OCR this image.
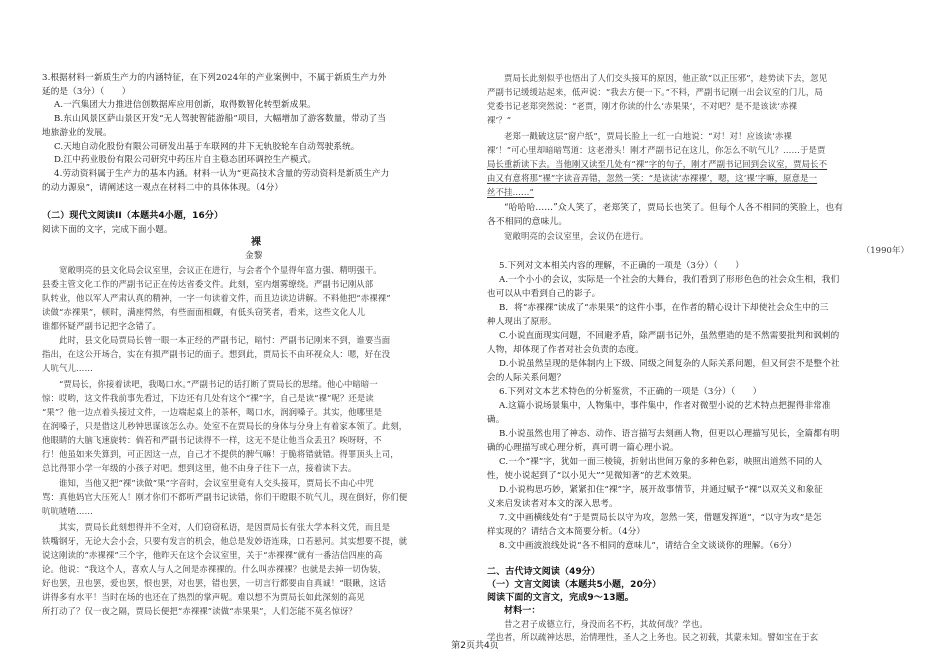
3.根据材料一新质生产力的内涵特征，在下列2024年的产业案例中，不属于新质生产力外
延的是（3分）（　　）
A.一汽集团大力推进信创数据库应用创新，取得数智化转型新成果。
B.东山风景区萨山景区开发“无人驾驶智能游船”项目，大幅增加了游客数量，带动了当
地旅游业的发展。
C.天地自动化股份有限公司研发出基于车联网的井下无轨胶轮车自动驾驶系统。
D.江中药业股份有限公司研究中药压片自主稳态团环调控生产模式。
4.劳动资料属于生产力的基本内涵。材料一认为“更高技术含量的劳动资料是新质生产力
的动力源泉”，请阐述这一观点在材料二中的具体体现。（4分）
（二）现代文阅读II（本题共4小题，16分）
阅读下面的文字，完成下面小题。
裸
金黎
宽敞明亮的县文化局会议室里，会议正在进行，与会者个个显得年富力强、精明强干。
县委主管文化工作的严副书记正在传达省委文件。此刻，室内烟雾缭绕。严副书记刚从部
队转业，他以军人严肃认真的精神，一字一句读着文件，而且边读边讲解。不料他把“赤裸裸”
读做“赤裸果”，顿时，满座愕然，有些面面相觑，有低头窃笑者，看来，这些文化人儿
谁都怀疑严副书记把字念错了。
此时，县文化局贾局长曾一眼一本正经的严副书记，暗忖：严副书记刚来不到，谁要当面
指出，在这公开场合，实在有损严副书记的面子。想到此，贾局长不由环视众人：嗯，好在没
人吭气儿……
“贾局长，你接着读吧，我喝口水。”严副书记的话打断了贾局长的思绪。他心中暗暗一
惊：哎哟，这文件我前事先看过，下边还有几处有这个“裸”字，自己是读“裸”呢？还是读
“果”？他一边点着头接过文件，一边端起桌上的茶杯，喝口水，润润嗓子。其实，他哪里是
在润嗓子，只是借这儿秒钟思谋该怎么办。处室不在贾局长的身体与分身上有着家本领了。此刻，
他眼睛的大脑飞速旋转：倘若和严副书记读得不一样，这无不是让他当众丢丑？唉呀呀，不
行！他虽如来失算到，可正因这一点，自己才不提供的脾气嘛！于脆将错就错。得罪顶头上司，
总比得罪小学一年级的小孩子对吧。想到这里，他不由身子往下一点，接着读下去。
谁知，当他又把“裸”读做“果”字音时，会议室里竟有人交头接耳，贾局长不由心中咒
骂：真他妈官大压死人！刚才你们不都听严副书记读错，你们干瞪眼不吭气儿，现在倒好，你们便
吭吭喳喳……
其实，贾局长此刻想得并不全对，人们窃窃私语，是因贾局长有张大学本科文凭，而且是
铁嘴钢牙，无论大会小会，只要有发言的机会，他总是发妙语连珠，口若悬河。其实想要不提，就
说这刚读的“赤裸裸”三个字，他昨天在这个会议室里，关于“赤裸裸”就有一番洁信四座的高
论。他说：“我这个人，喜欢人与人之间是赤裸裸的。什么叫赤裸裸？也就是去掉一切伪装，
好也罢，丑也罢，爱也罢，恨也罢，对也罢，错也罢，一切言行都要由自真诚！”眼瞅，这话
讲得多有水平！当时在场的也还在了热烈的掌声呢。难以想不为贾局长如此深刻的高见
所打动了？仅一夜之隔，贾局长便把“赤裸裸”读做“赤果果”，人们怎能不莫名惊讶？
贾局长此刻似乎也悟出了人们交头接耳的原因，他正欲“以正压邪”，趁势读下去，忽见
严副书记缓缓站起来，低声说：“我去方便一下。”不料，严副书记刚一出会议室的门儿，局
党委书记老郑突然说：“老贾，刚才你读的什么‘赤果果’，不对吧？是不是该读‘赤裸
裸’？”
老郑一戳破这层“窗户纸”，贾局长脸上一红一白地说：“对！对！应该读‘赤裸
裸’！”可心里却暗暗骂道：这老滑头！刚才严副书记在这儿，你怎么不吭气儿？……于是贾
局长重新读下去。当他刚又读至几处有“裸”字的句子，刚才严副书记回到会议室，贾局长不
由又有意将那“裸”字读音弄错，忽然一笑：“是读读‘赤裸裸’，嗯，这‘裸’字嘛，原意是一
丝不挂……”
“哈哈哈……”众人笑了，老郑笑了，贾局长也笑了。但每个人各不相同的笑脸上，也有
各不相同的意味儿。
宽敞明亮的会议室里，会议仍在进行。
（1990年）
5.下列对文本相关内容的理解，不正确的一项是（3分）（　　）
A.一个小小的会议，实际是一个社会的大舞台，我们看到了形形色色的社会众生相，我们
也可以从中看到自己的影子。
B．将“赤裸裸”读成了“赤果果”的这件小事，在作者的精心设计下却使社会众生中的三
种人现出了原形。
C.小说直面现实问题，不回避矛盾，除严副书记外，虽然塑造的是不然需要批判和讽刺的
人物，却体现了作者对社会负责的态度。
D.小说虽然呈现的是体制内上下级、同级之间复杂的人际关系问题，但又何尝不是整个社
会的人际关系问题？
6.下列对文本艺术特色的分析鉴赏，不正确的一项是（3分）（　　）
A.这篇小说场景集中，人物集中，事件集中，作者对微型小说的艺术特点把握得非常准
确。
B.小说虽然也用了神态、动作、语言描写去刻画人物，但更以心理描写见长，全篇都有明
确的心理描写或心理分析，真可谓一篇心理小说。
C.一个“裸”字，犹如一面三棱镜，折射出世间万象的多种色彩，映照出道然不同的人
性，使小说起到了“以小见大”“见微知著”的艺术效果。
D.小说构思巧妙，紧紧扣住“裸”字，展开故事情节，并通过赋予“裸”以双关义和象征
义来启发读者对本文的深入思考。
7.文中画横线处有“于是贾局长以守为攻，忽然一笑，借题发挥道”，“以守为攻”是怎
样实现的？请结合文本简要分析。（4分）
8.文中画波浪线处说“各不相同的意味儿”，请结合全文谈谈你的理解。（6分）
二、古代诗文阅读（49分）
（一）文言文阅读（本题共5小题，20分）
阅读下面的文言文，完成9～13题。
材料一：
昔之君子成德立行，身没而名不朽，其故何哉？学也。
学也者，所以疏神达思，治情理性，圣人之上务也。民之初载，其蒙未知。譬如宝在于玄
第2页共4页
